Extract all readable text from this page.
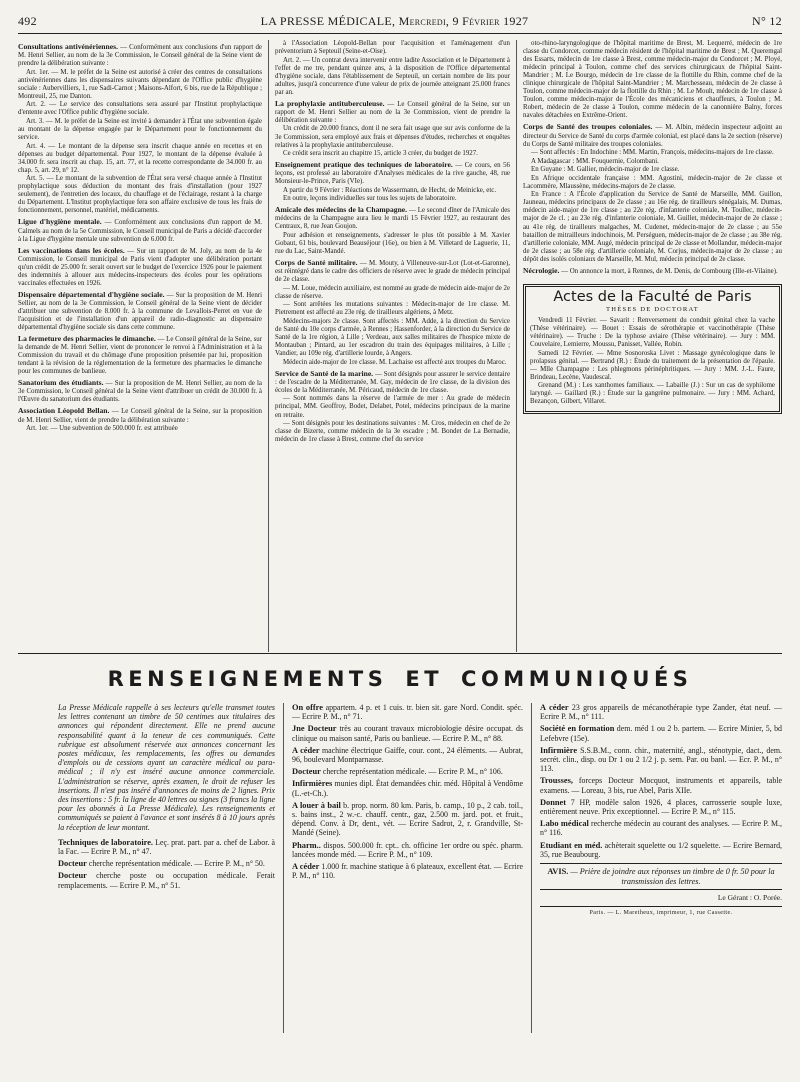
492	LA PRESSE MÉDICALE, Mercredi, 9 Février 1927	N° 12

Consultations antivénériennes. — Conformément aux conclusions d'un rapport de M. Henri Sellier, au nom de la 3e Commission, le Conseil général de la Seine vient de prendre la délibération suivante :

Art. 1er. — M. le préfet de la Seine est autorisé à créer des centres de consultations antivénériennes dans les dispensaires suivants dépendant de l'Office public d'hygiène sociale : Aubervilliers, 1, rue Sadi-Carnot ; Maisons-Alfort, 6 bis, rue de la République ; Montreuil, 25, rue Danton.

Art. 2. — Le service des consultations sera assuré par l'Institut prophylactique d'entente avec l'Office public d'hygiène sociale.

Art. 3. — M. le préfet de la Seine est invité à demander à l'État une subvention égale au montant de la dépense engagée par le Département pour le fonctionnement du service.

Art. 4. — Le montant de la dépense sera inscrit chaque année en recettes et en dépenses au budget départemental. Pour 1927, le montant de la dépense évaluée à 34.000 fr. sera inscrit au chap. 15, art. 77, et la recette correspondante de 34.000 fr. au chap. 5, art. 29, n° 12.

Art. 5. — Le montant de la subvention de l'État sera versé chaque année à l'Institut prophylactique sous déduction du montant des frais d'installation (pour 1927 seulement), de l'entretien des locaux, du chauffage et de l'éclairage, restant à la charge du Département. L'Institut prophylactique fera son affaire exclusive de tous les frais de fonctionnement, personnel, matériel, médicaments.

Ligue d'hygiène mentale. — Conformément aux conclusions d'un rapport de M. Calmels au nom de la 5e Commission, le Conseil municipal de Paris a décidé d'accorder à la Ligue d'hygiène mentale une subvention de 6.000 fr.

Les vaccinations dans les écoles. — Sur un rapport de M. Joly, au nom de la 4e Commission, le Conseil municipal de Paris vient d'adopter une délibération portant qu'un crédit de 25.000 fr. serait ouvert sur le budget de l'exercice 1926 pour le paiement des indemnités à allouer aux médecins-inspecteurs des écoles pour les opérations vaccinales effectuées en 1926.

Dispensaire départemental d'hygiène sociale. — Sur la proposition de M. Henri Sellier, au nom de la 3e Commission, le Conseil général de la Seine vient de décider d'attribuer une subvention de 8.000 fr. à la commune de Levallois-Perret en vue de l'acquisition et de l'installation d'un appareil de radio-diagnostic au dispensaire départemental d'hygiène sociale sis dans cette commune.

La fermeture des pharmacies le dimanche. — Le Conseil général de la Seine, sur la demande de M. Henri Sellier, vient de prononcer le renvoi à l'Administration et à la Commission du travail et du chômage d'une proposition présentée par lui, proposition tendant à la révision de la réglementation de la fermeture des pharmacies le dimanche pour les communes de banlieue.

Sanatorium des étudiants. — Sur la proposition de M. Henri Sellier, au nom de la 3e Commission, le Conseil général de la Seine vient d'attribuer un crédit de 30.000 fr. à l'Œuvre du sanatorium des étudiants.

Association Léopold Bellan. — Le Conseil général de la Seine, sur la proposition de M. Henri Sellier, vient de prendre la délibération suivante :

Art. 1er. — Une subvention de 500.000 fr. est attribuée

à l'Association Léopold-Bellan pour l'acquisition et l'aménagement d'un préventorium à Septeuil (Seine-et-Oise).

Art. 2. — Un contrat devra intervenir entre ladite Association et le Département à l'effet de me tre, pendant quinze ans, à la disposition de l'Office départemental d'hygiène sociale, dans l'établissement de Septeuil, un certain nombre de lits pour adultes, jusqu'à concurrence d'une valeur de prix de journée atteignant 25.000 francs par an.

La prophylaxie antituberculeuse. — Le Conseil général de la Seine, sur un rapport de M. Henri Sellier au nom de la 3e Commission, vient de prendre la délibération suivante :

Un crédit de 20.000 francs, dont il ne sera fait usage que sur avis conforme de la 3e Commission, sera employé aux frais et dépenses d'études, recherches et enquêtes relatives à la prophylaxie antituberculeuse.

Ce crédit sera inscrit au chapitre 15, article 3 créer, du budget de 1927.

Enseignement pratique des techniques de laboratoire. — Ce cours, en 56 leçons, est professé au laboratoire d'Analyses médicales de la rive gauche, 48, rue Monsieur-le-Prince, Paris (VIe).

A partir du 9 Février : Réactions de Wassermann, de Hecht, de Meinicke, etc.

En outre, leçons individuelles sur tous les sujets de laboratoire.

Amicale des médecins de la Champagne. — Le second dîner de l'Amicale des médecins de la Champagne aura lieu le mardi 15 Février 1927, au restaurant des Centraux, 8, rue Jean Goujon.

Pour adhésion et renseignements, s'adresser le plus tôt possible à M. Xavier Gobaut, 61 bis, boulevard Beauséjour (16e), ou bien à M. Villetard de Laguerie, 11, rue du Lac, Saint-Mandé.

Corps de Santé militaire. — M. Mouty, à Villeneuve-sur-Lot (Lot-et-Garonne), est réintégré dans le cadre des officiers de réserve avec le grade de médecin principal de 2e classe.

— M. Loue, médecin auxiliaire, est nommé au grade de médecin aide-major de 2e classe de réserve.

— Sont arrêtées les mutations suivantes : Médecin-major de 1re classe. M. Pietrement est affecté au 23e rég. de tirailleurs algériens, à Metz.

Médecins-majors 2e classe. Sont affectés : MM. Adde, à la direction du Service de Santé du 10e corps d'armée, à Rennes ; Hassenforder, à la direction du Service de Santé de la 1re région, à Lille ; Verdeau, aux salles militaires de l'hospice mixte de Montauban ; Pintard, au 1er escadron du train des équipages militaires, à Lille ; Vandier, au 109e rég. d'artillerie lourde, à Angers.

Médecin aide-major de 1re classe. M. Lachaise est affecté aux troupes du Maroc.

Service de Santé de la marine. — Sont désignés pour assurer le service dentaire : de l'escadre de la Méditerranée, M. Gay, médecin de 1re classe, de la division des écoles de la Méditerranée, M. Péricaud, médecin de 1re classe.

— Sont nommés dans la réserve de l'armée de mer : Au grade de médecin principal, MM. Geoffroy, Bodet, Delabet, Potel, médecins principaux de la marine en retraite.

— Sont désignés pour les destinations suivantes : M. Cros, médecin en chef de 2e classe de Bizerte, comme médecin de la 3e escadre ; M. Bondet de La Bernadie, médecin de 1re classe à Brest, comme chef du service

oto-rhino-laryngologique de l'hôpital maritime de Brest, M. Lequerré, médecin de 1re classe du Condorcet, comme médecin résident de l'hôpital maritime de Brest ; M. Queremgal des Essarts, médecin de 1re classe à Brest, comme médecin-major du Condorcet ; M. Ployé, médecin principal à Toulon, comme chef des services chirurgicaux de l'hôpital Saint-Mandrier ; M. Le Bourgo, médecin de 1re classe de la flottille du Rhin, comme chef de la clinique chirurgicale de l'hôpital Saint-Mandrier ; M. Marchesseau, médecin de 2e classe à Toulon, comme médecin-major de la flottille du Rhin ; M. Le Moult, médecin de 1re classe à Toulon, comme médecin-major de l'École des mécaniciens et chauffeurs, à Toulon ; M. Robert, médecin de 2e classe à Toulon, comme médecin de la canonnière Balny, forces navales détachées en Extrême-Orient.

Corps de Santé des troupes coloniales. — M. Albin, médecin inspecteur adjoint au directeur du Service de Santé du corps d'armée colonial, est placé dans la 2e section (réserve) du Corps de Santé militaire des troupes coloniales.

— Sont affectés : En Indochine : MM. Martin, François, médecins-majors de 1re classe.

A Madagascar : MM. Fouquernie, Colombani.

En Guyane : M. Gallier, médecin-major de 1re classe.

En Afrique occidentale française : MM. Agostini, médecin-major de 2e classe et Lacommère, Mlaussène, médecins-majors de 2e classe.

En France : A l'École d'application du Service de Santé de Marseille, MM. Guillon, Jauneau, médecins principaux de 2e classe ; au 16e rég. de tirailleurs sénégalais, M. Dumas, médecin aide-major de 1re classe ; au 22e rég. d'infanterie coloniale, M. Toullec, médecin-major de 2e cl. ; au 23e rég. d'infanterie coloniale, M. Guillet, médecin-major de 2e classe ; au 41e rég. de tirailleurs malgaches, M. Cudenet, médecin-major de 2e classe ; au 55e bataillon de mitrailleurs indochinois, M. Perséguen, médecin-major de 2e classe ; au 38e rég. d'artillerie coloniale, MM. Augé, médecin principal de 2e classe et Mollandur, médecin-major de 2e classe ; au 58e rég. d'artillerie coloniale, M. Corjus, médecin-major de 2e classe ; au dépôt des isolés coloniaux de Marseille, M. Mul, médecin principal de 2e classe.

Nécrologie. — On annonce la mort, à Rennes, de M. Denis, de Combourg (Ille-et-Vilaine).

Actes de la Faculté de Paris
THÈSES DE DOCTORAT

Vendredi 11 Février. — Savarit : Renversement du condnit génital chez la vache (Thèse vétérinaire). — Bouet : Essais de sérothérapie et vaccinothérapie (Thèse vétérinaire). — Truche : De la typhose aviaire (Thèse vétérinaire). — Jury : MM. Couvelaire, Lemierre, Moussu, Panisset, Vallée, Robin.

Samedi 12 Février. — Mme Sosnoroska Livet : Massage gynécologique dans le prolapsus génital. — Bertrand (R.) : Étude du traitement de la présentation de l'épaule. — Mlle Champagne : Les phlegmons périnéphritiques. — Jury : MM. J.-L. Faure, Brindeau, Lecène, Vaudescal.

Grenand (M.) : Les xanthomes familiaux. — Labaille (J.) : Sur un cas de syphilome laryngé. — Gaillard (R.) : Étude sur la gangrène pulmonaire. — Jury : MM. Achard, Bezançon, Gilbert, Villaret.

RENSEIGNEMENTS ET COMMUNIQUÉS

La Presse Médicale rappelle à ses lecteurs qu'elle transmet toutes les lettres contenant un timbre de 50 centimes aux titulaires des annonces qui répondent directement. Elle ne prend aucune responsabilité quant à la teneur de ces communiqués. Cette rubrique est absolument réservée aux annonces concernant les postes médicaux, les remplacements, les offres ou demandes d'emplois ou de cessions ayant un caractère médical ou para-médical ; il n'y est inséré aucune annonce commerciale. L'administration se réserve, après examen, le droit de refuser les insertions. Il n'est pas inséré d'annonces de moins de 2 lignes. Prix des insertions : 5 fr. la ligne de 40 lettres ou signes (3 francs la ligne pour les abonnés à La Presse Médicale). Les renseignements et communiqués se paient à l'avance et sont insérés 8 à 10 jours après la réception de leur montant.

Techniques de laboratoire. Leç. prat. part. par a. chef de Labor. à la Fac. — Ecrire P. M., n° 47.

Docteur cherche représentation médicale. — Ecrire P. M., n° 50.

Docteur cherche poste ou occupation médicale. Ferait remplacements. — Ecrire P. M., n° 51.

On offre appartem. 4 p. et 1 cuis. tr. bien sit. gare Nord. Condit. spéc. — Ecrire P. M., n° 71.

Jne Docteur très au courant travaux microbiologie désire occupat. ds clinique ou maison santé, Paris ou banlieue. — Ecrire P. M., n° 88.

A céder machine électrique Gaiffe, cour. cont., 24 éléments. — Aubrat, 96, boulevard Montparnasse.

Docteur cherche représentation médicale. — Ecrire P. M., n° 106.

Infirmières munies dipl. État demandées chir. méd. Hôpital à Vendôme (L.-et-Ch.).

A louer à bail b. prop. norm. 80 km. Paris, b. camp., 10 p., 2 cab. toil., s. bains inst., 2 w.-c. chauff. centr., gaz, 2.500 m. jard. pot. et fruit., dépend. Conv. à Dr, dent., vét. — Ecrire Sadrot, 2, r. Grandville, St-Mandé (Seine).

Pharm.. dispos. 500.000 fr. cpt.. ch. officine 1er ordre ou spéc. pharm. lancées monde méd. — Ecrire P. M., n° 109.

A céder 1.000 fr. machine statique à 6 plateaux, excellent état. — Ecrire P. M., n° 110.

A céder 23 gros appareils de mécanothérapie type Zander, état neuf. — Ecrire P. M., n° 111.

Société en formation dem. méd 1 ou 2 b. partem. — Ecrire Minier, 5, bd Lefebvre (15e).

Infirmière S.S.B.M., conn. chir., maternité, angl., sténotypie, dact., dem. secrét. clin., disp. ou Dr 1 ou 2 1/2 j. p. sem. Par. ou banl. — Ecr. P. M., n° 113.

Trousses, forceps Docteur Mocquot, instruments et appareils, table examens. — Loreau, 3 bis, rue Abel, Paris XIIe.

Donnet 7 HP, modèle salon 1926, 4 places, carrosserie souple luxe, entièrement neuve. Prix exceptionnel. — Ecrire P. M., n° 115.

Labo médical recherche médecin au courant des analyses. — Ecrire P. M., n° 116.

Etudiant en méd. achèterait squelette ou 1/2 squelette. — Ecrire Bernard, 35, rue Beaubourg.

AVIS. — Prière de joindre aux réponses un timbre de 0 fr. 50 pour la transmission des lettres.
Le Gérant : O. Porée.
Paris. — L. Maretheux, imprimeur, 1, rue Cassette.
